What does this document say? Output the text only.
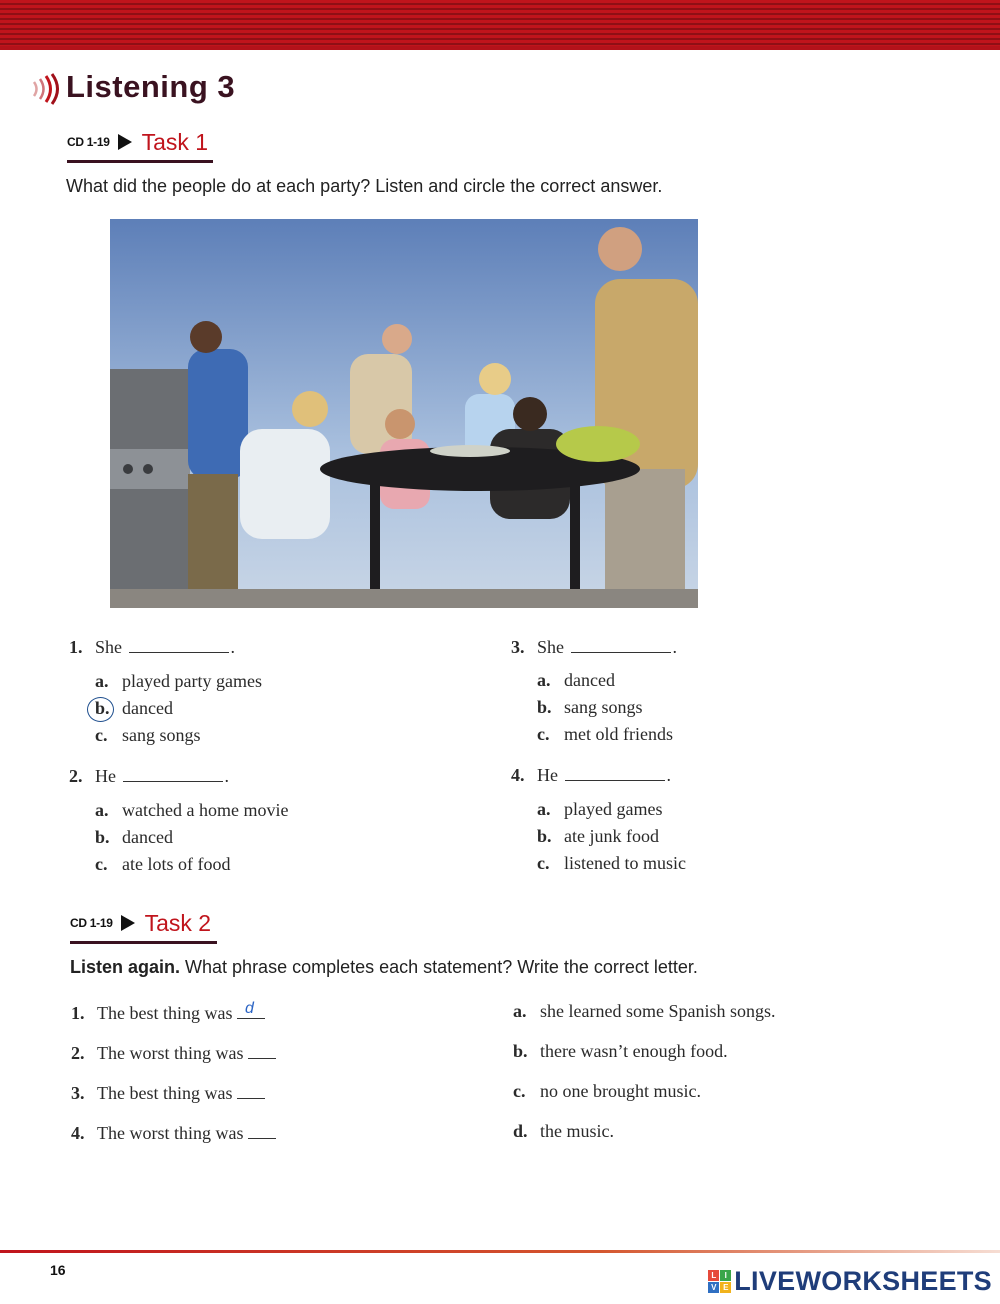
Listening 3
CD 1-19 Task 1
What did the people do at each party? Listen and circle the correct answer.
1. She	.
a. played party games
b. danced
c. sang songs
2. He	.
a. watched a home movie
b. danced
c. ate lots of food
3. She	.
a. danced
b. sang songs
c. met old friends
4. He	.
a. played games
b. ate junk food
c. listened to music
CD 1-19 Task 2
Listen again. What phrase completes each statement? Write the correct letter.
1. The best thing was d
2. The worst thing was
3. The best thing was
4. The worst thing was
a. she learned some Spanish songs.
b. there wasn’t enough food.
c. no one brought music.
d. the music.
16	L	I
V E LIVEWORKSHEETS
